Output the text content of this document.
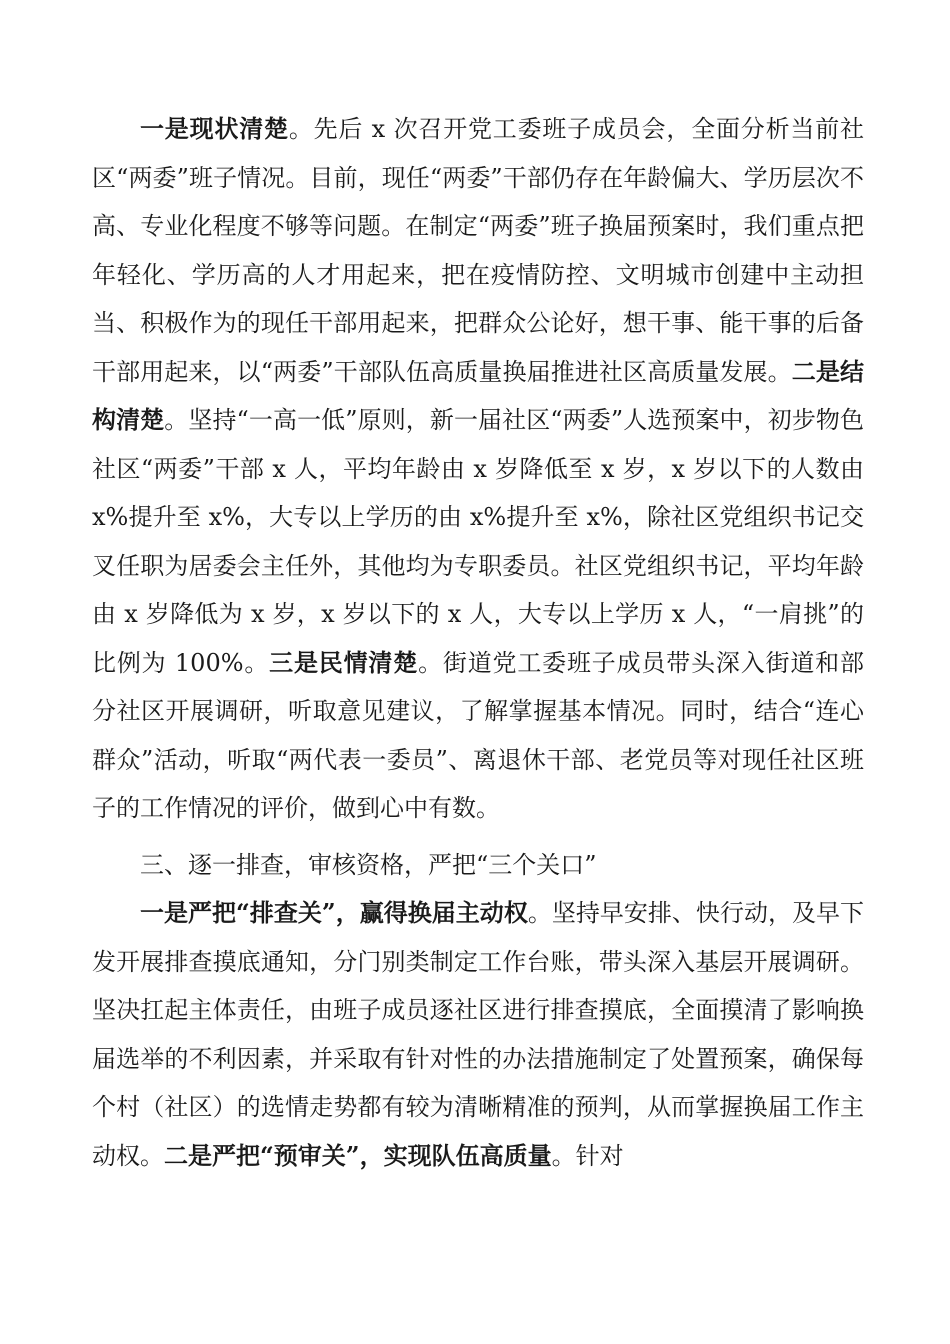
一是现状清楚。先后 x 次召开党工委班子成员会，全面分析当前社区“两委”班子情况。目前，现任“两委”干部仍存在年龄偏大、学历层次不高、专业化程度不够等问题。在制定“两委”班子换届预案时，我们重点把年轻化、学历高的人才用起来，把在疫情防控、文明城市创建中主动担当、积极作为的现任干部用起来，把群众公论好，想干事、能干事的后备干部用起来，以“两委”干部队伍高质量换届推进社区高质量发展。二是结构清楚。坚持“一高一低”原则，新一届社区“两委”人选预案中，初步物色社区“两委”干部 x 人，平均年龄由 x 岁降低至 x 岁，x 岁以下的人数由 x%提升至 x%，大专以上学历的由 x%提升至 x%，除社区党组织书记交叉任职为居委会主任外，其他均为专职委员。社区党组织书记，平均年龄由 x 岁降低为 x 岁，x 岁以下的 x 人，大专以上学历 x 人，“一肩挑”的比例为 100%。三是民情清楚。街道党工委班子成员带头深入街道和部分社区开展调研，听取意见建议，了解掌握基本情况。同时，结合“连心群众”活动，听取“两代表一委员”、离退休干部、老党员等对现任社区班子的工作情况的评价，做到心中有数。

三、逐一排查，审核资格，严把“三个关口”

一是严把“排查关”，赢得换届主动权。坚持早安排、快行动，及早下发开展排查摸底通知，分门别类制定工作台账，带头深入基层开展调研。坚决扛起主体责任，由班子成员逐社区进行排查摸底，全面摸清了影响换届选举的不利因素，并采取有针对性的办法措施制定了处置预案，确保每个村（社区）的选情走势都有较为清晰精准的预判，从而掌握换届工作主动权。二是严把“预审关”，实现队伍高质量。针对
